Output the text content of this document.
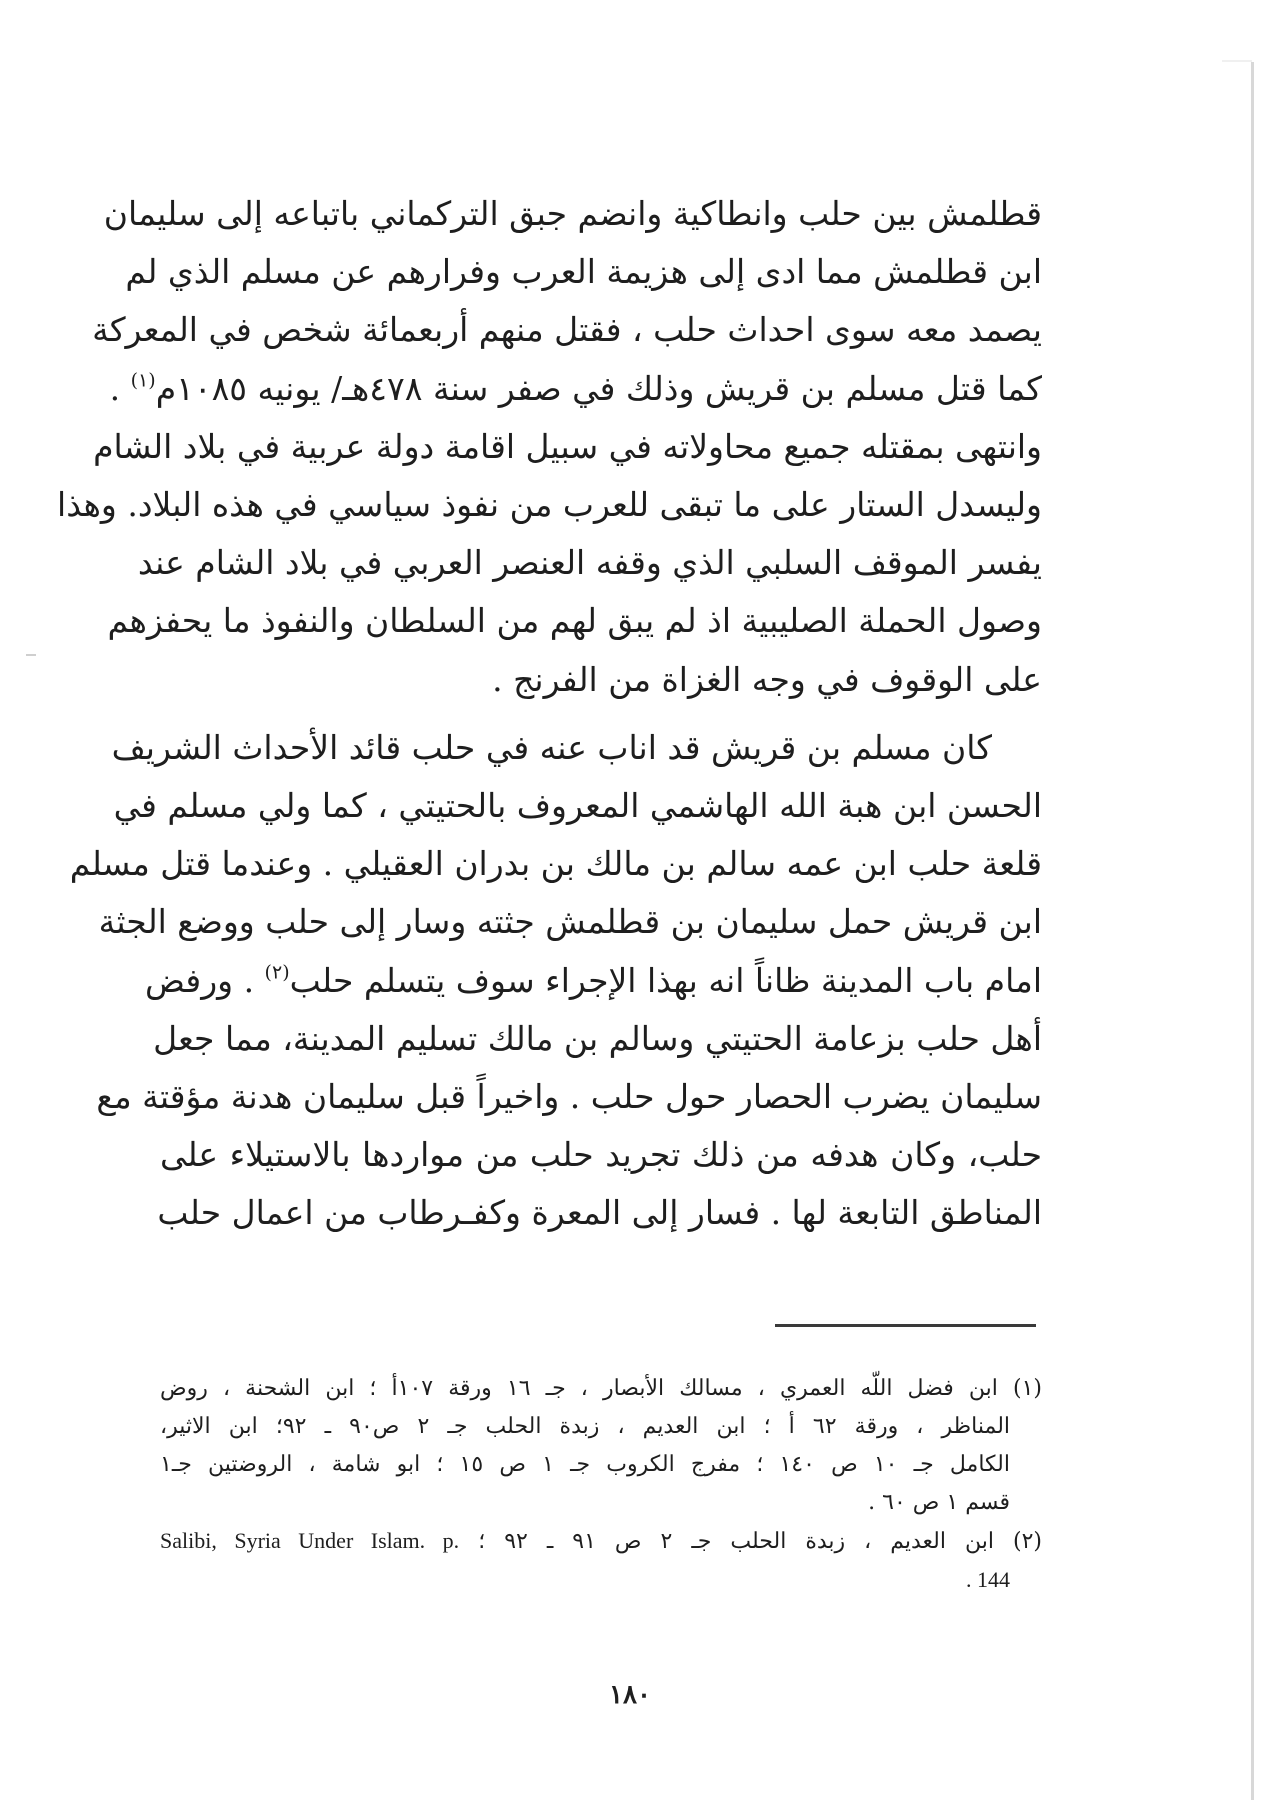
قطلمش بين حلب وانطاكية وانضم جبق التركماني باتباعه إلى سليمان
ابن قطلمش مما ادى إلى هزيمة العرب وفرارهم عن مسلم الذي لم
يصمد معه سوى احداث حلب ، فقتل منهم أربعمائة شخص في المعركة
كما قتل مسلم بن قريش وذلك في صفر سنة ٤٧٨هـ/ يونيه ١٠٨٥م$^{(١)}$ .
وانتهى بمقتله جميع محاولاته في سبيل اقامة دولة عربية في بلاد الشام
وليسدل الستار على ما تبقى للعرب من نفوذ سياسي في هذه البلاد. وهذا
يفسر الموقف السلبي الذي وقفه العنصر العربي في بلاد الشام عند
وصول الحملة الصليبية اذ لم يبق لهم من السلطان والنفوذ ما يحفزهم
على الوقوف في وجه الغزاة من الفرنج .
كان مسلم بن قريش قد اناب عنه في حلب قائد الأحداث الشريف
الحسن ابن هبة الله الهاشمي المعروف بالحتيتي ، كما ولي مسلم في
قلعة حلب ابن عمه سالم بن مالك بن بدران العقيلي . وعندما قتل مسلم
ابن قريش حمل سليمان بن قطلمش جثته وسار إلى حلب ووضع الجثة
امام باب المدينة ظاناً انه بهذا الإجراء سوف يتسلم حلب$^{(٢)}$ . ورفض
أهل حلب بزعامة الحتيتي وسالم بن مالك تسليم المدينة، مما جعل
سليمان يضرب الحصار حول حلب . واخيراً قبل سليمان هدنة مؤقتة مع
حلب، وكان هدفه من ذلك تجريد حلب من مواردها بالاستيلاء على
المناطق التابعة لها . فسار إلى المعرة وكفـرطاب من اعمال حلب
(١) ابن فضل اللّه العمري ، مسالك الأبصار ، جـ ١٦ ورقة ١٠٧أ ؛ ابن الشحنة ، روض
المناظر ، ورقة ٦٢ أ ؛ ابن العديم ، زبدة الحلب جـ ٢ ص٩٠ ـ ٩٢؛ ابن الاثير،
الكامل جـ ١٠ ص ١٤٠ ؛ مفرج الكروب جـ ١ ص ١٥ ؛ ابو شامة ، الروضتين جـ١
قسم ١ ص ٦٠ .
(٢) ابن العديم ، زبدة الحلب جـ ٢ ص ٩١ ـ ٩٢ ؛ Salibi, Syria Under Islam. p.
. 144
١٨٠
